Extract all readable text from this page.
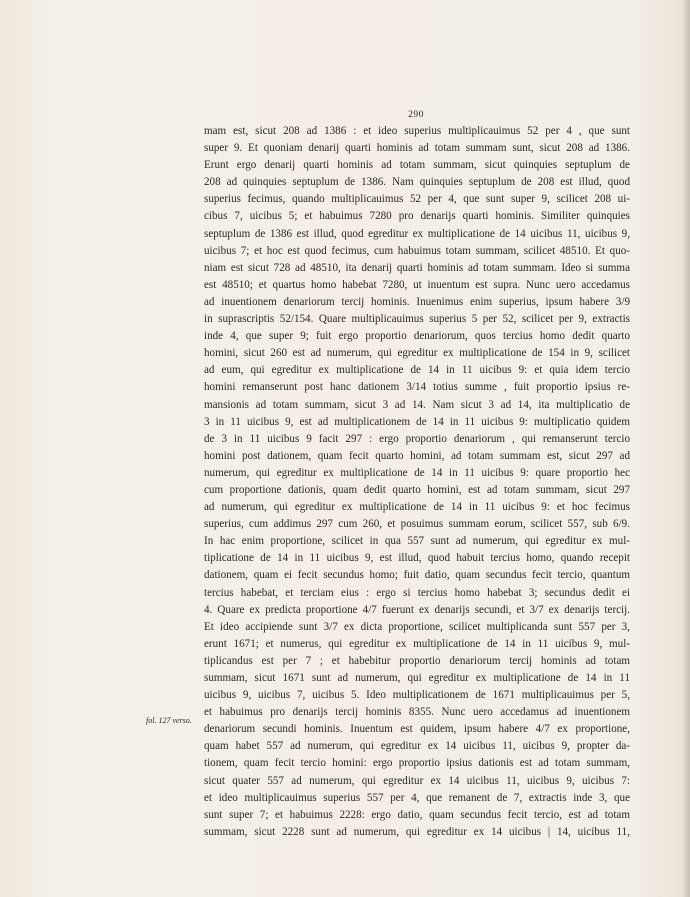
290
fol. 127 verso.
mam est, sicut 208 ad 1386 : et ideo superius multiplicauimus 52 per 4 , que sunt
super 9. Et quoniam denarij quarti hominis ad totam summam sunt, sicut 208 ad 1386.
Erunt ergo denarij quarti hominis ad totam summam, sicut quinquies septuplum de
208 ad quinquies septuplum de 1386. Nam quinquies septuplum de 208 est illud, quod
superius fecimus, quando multiplicauimus 52 per 4, que sunt super 9, scilicet 208 ui-
cibus 7, uicibus 5; et habuimus 7280 pro denarijs quarti hominis. Similiter quinquies
septuplum de 1386 est illud, quod egreditur ex multiplicatione de 14 uicibus 11, uicibus 9,
uicibus 7; et hoc est quod fecimus, cum habuimus totam summam, scilicet 48510. Et quo-
niam est sicut 728 ad 48510, ita denarij quarti hominis ad totam summam. Ideo si summa
est 48510; et quartus homo habebat 7280, ut inuentum est supra. Nunc uero accedamus
ad inuentionem denariorum tercij hominis. Inuenimus enim superius, ipsum habere 3/9
in suprascriptis 52/154. Quare multiplicauimus superius 5 per 52, scilicet per 9, extractis
inde 4, que super 9; fuit ergo proportio denariorum, quos tercius homo dedit quarto
homini, sicut 260 est ad numerum, qui egreditur ex multiplicatione de 154 in 9, scilicet
ad eum, qui egreditur ex multiplicatione de 14 in 11 uicibus 9: et quia idem tercio
homini remanserunt post hanc dationem 3/14 totius summe , fuit proportio ipsius re-
mansionis ad totam summam, sicut 3 ad 14. Nam sicut 3 ad 14, ita multiplicatio de
3 in 11 uicibus 9, est ad multiplicationem de 14 in 11 uicibus 9: multiplicatio quidem
de 3 in 11 uicibus 9 facit 297 : ergo proportio denariorum , qui remanserunt tercio
homini post dationem, quam fecit quarto homini, ad totam summam est, sicut 297 ad
numerum, qui egreditur ex multiplicatione de 14 in 11 uicibus 9: quare proportio hec
cum proportione dationis, quam dedit quarto homini, est ad totam summam, sicut 297
ad numerum, qui egreditur ex multiplicatione de 14 in 11 uicibus 9: et hoc fecimus
superius, cum addimus 297 cum 260, et posuimus summam eorum, scilicet 557, sub 6/9.
In hac enim proportione, scilicet in qua 557 sunt ad numerum, qui egreditur ex mul-
tiplicatione de 14 in 11 uicibus 9, est illud, quod habuit tercius homo, quando recepit
dationem, quam ei fecit secundus homo; fuit datio, quam secundus fecit tercio, quantum
tercius habebat, et terciam eius : ergo si tercius homo habebat 3; secundus dedit ei
4. Quare ex predicta proportione 4/7 fuerunt ex denarijs secundi, et 3/7 ex denarijs tercij.
Et ideo accipiende sunt 3/7 ex dicta proportione, scilicet multiplicanda sunt 557 per 3,
erunt 1671; et numerus, qui egreditur ex multiplicatione de 14 in 11 uicibus 9, mul-
tiplicandus est per 7 ; et habebitur proportio denariorum tercij hominis ad totam
summam, sicut 1671 sunt ad numerum, qui egreditur ex multiplicatione de 14 in 11
uicibus 9, uicibus 7, uicibus 5. Ideo multiplicationem de 1671 multiplicauimus per 5,
et habuimus pro denarijs tercij hominis 8355. Nunc uero accedamus ad inuentionem
denariorum secundi hominis. Inuentum est quidem, ipsum habere 4/7 ex proportione,
quam habet 557 ad numerum, qui egreditur ex 14 uicibus 11, uicibus 9, propter da-
tionem, quam fecit tercio homini: ergo proportio ipsius dationis est ad totam summam,
sicut quater 557 ad numerum, qui egreditur ex 14 uicibus 11, uicibus 9, uicibus 7:
et ideo multiplicauimus superius 557 per 4, que remanent de 7, extractis inde 3, que
sunt super 7; et habuimus 2228: ergo datio, quam secundus fecit tercio, est ad totam
summam, sicut 2228 sunt ad numerum, qui egreditur ex 14 uicibus | 14, uicibus 11,
